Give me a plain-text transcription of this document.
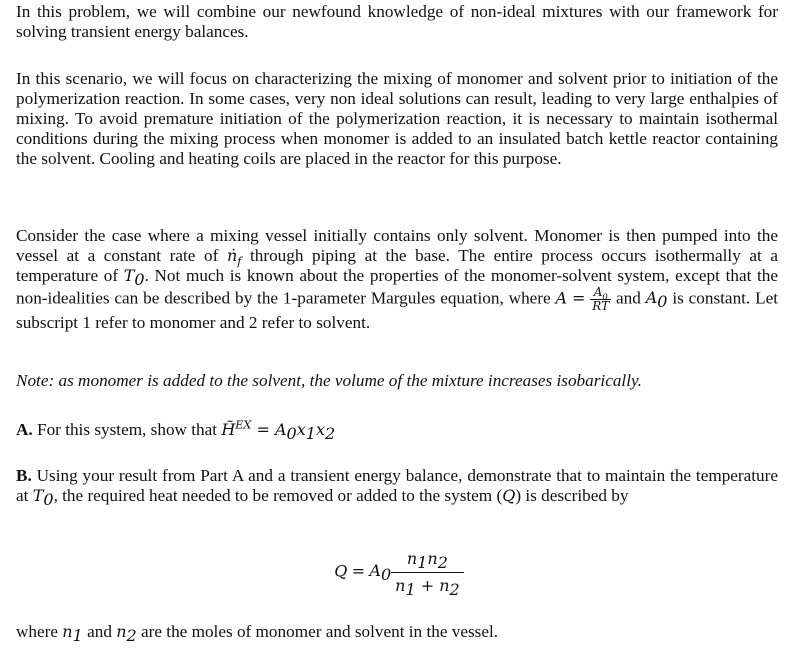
In this problem, we will combine our newfound knowledge of non-ideal mixtures with our framework for solving transient energy balances.

In this scenario, we will focus on characterizing the mixing of monomer and solvent prior to initiation of the polymerization reaction. In some cases, very non ideal solutions can result, leading to very large enthalpies of mixing. To avoid premature initiation of the polymerization reaction, it is necessary to maintain isothermal conditions during the mixing process when monomer is added to an insulated batch kettle reactor containing the solvent. Cooling and heating coils are placed in the reactor for this purpose.

Consider the case where a mixing vessel initially contains only solvent. Monomer is then pumped into the vessel at a constant rate of ṅ$_f$ through piping at the base. The entire process occurs isothermally at a temperature of $T_0$. Not much is known about the properties of the monomer-solvent system, except that the non-idealities can be described by the 1-parameter Margules equation, where $A = \frac{A_0}{RT}$ and $A_0$ is constant. Let subscript 1 refer to monomer and 2 refer to solvent.

Note: as monomer is added to the solvent, the volume of the mixture increases isobarically.

A. For this system, show that H̃$^{EX}$ = $A_0x_1x_2$

B. Using your result from Part A and a transient energy balance, demonstrate that to maintain the temperature at $T_0$, the required heat needed to be removed or added to the system (Q) is described by

$Q = A_0 \frac{n_1n_2}{n_1 + n_2}$

where $n_1$ and $n_2$ are the moles of monomer and solvent in the vessel.
